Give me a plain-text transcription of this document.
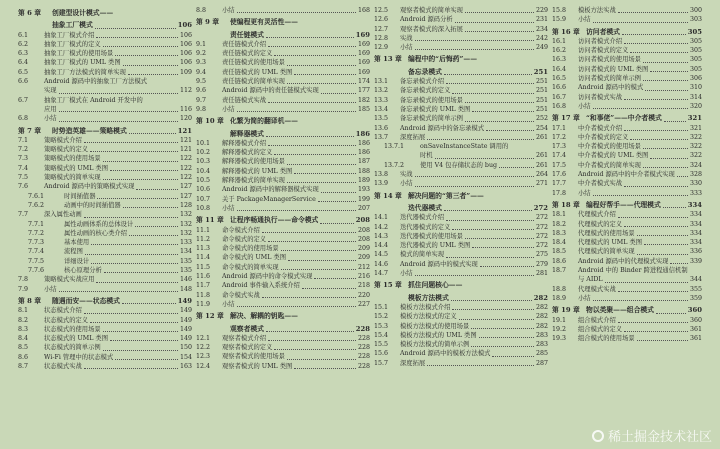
第 6 章	创建型设计模式——
抽象工厂模式	106
6.1	抽象工厂模式介绍	106
6.2	抽象工厂模式的定义	106
6.3	抽象工厂模式的使用场景	106
6.4	抽象工厂模式的 UML 类图	106
6.5	抽象工厂方法模式的简单实现	109
6.6	Android 源码中的抽象工厂方法模式
实现	112
6.7	抽象工厂模式在 Android 开发中的
应用	116
6.8	小结	120
第 7 章	时势造英雄——策略模式	121
7.1	策略模式介绍	121
7.2	策略模式的定义	121
7.3	策略模式的使用场景	122
7.4	策略模式的 UML 类图	122
7.5	策略模式的简单实现	122
7.6	Android 源码中的策略模式实现	127
7.6.1	时间插值器	127
7.6.2	动画中的时间插值器	128
7.7	深入属性动画	132
7.7.1	属性动画体系的总体设计	132
7.7.2	属性动画的核心类介绍	132
7.7.3	基本使用	133
7.7.4	流程图	134
7.7.5	详细设计	135
7.7.6	核心原理分析	135
7.8	策略模式实战应用	146
7.9	小结	148
第 8 章	随遇而安——状态模式	149
8.1	状态模式介绍	149
8.2	状态模式的定义	149
8.3	状态模式的使用场景	149
8.4	状态模式的 UML 类图	149
8.5	状态模式的简单示例	150
8.6	Wi-Fi 管理中的状态模式	154
8.7	状态模式实战	163
8.8	小结	168
第 9 章	使编程更有灵活性——
责任链模式	169
9.1	责任链模式介绍	169
9.2	责任链模式的定义	169
9.3	责任链模式的使用场景	169
9.4	责任链模式的 UML 类图	169
9.5	责任链模式的简单实现	174
9.6	Android 源码中的责任链模式实现	177
9.7	责任链模式实战	182
9.8	小结	185
第 10 章 化繁为简的翻译机——
解释器模式	186
10.1	解释器模式介绍	186
10.2	解释器模式的定义	186
10.3	解释器模式的使用场景	187
10.4	解释器模式的 UML 类图	188
10.5	解释器模式的简单实现	189
10.6	Android 源码中的解释器模式实现	193
10.7	关于 PackageManagerService	199
10.8	小结	207
第 11 章 让程序畅通执行——命令模式	208
11.1	命令模式介绍	208
11.2	命令模式的定义	208
11.3	命令模式的使用场景	209
11.4	命令模式的 UML 类图	209
11.5	命令模式的简单实现	212
11.6	Android 源码中的命令模式实现	216
11.7	Android 事件输入系统介绍	218
11.8	命令模式实战	220
11.9	小结	227
第 12 章 解决、解耦的钥匙——
观察者模式	228
12.1	观察者模式介绍	228
12.2	观察者模式的定义	228
12.3	观察者模式的使用场景	228
12.4	观察者模式的 UML 类图	228
12.5	观察者模式的简单实现	229
12.6	Android 源码分析	231
12.7	观察者模式的深入拓展	234
12.8	实战	242
12.9	小结	249
第 13 章 编程中的“后悔药”——
备忘录模式	251
13.1	备忘录模式介绍	251
13.2	备忘录模式的定义	251
13.3	备忘录模式的使用场景	251
13.4	备忘录模式的 UML 类图	251
13.5	备忘录模式的简单示例	252
13.6	Android 源码中的备忘录模式	254
13.7	深度拓展	261
13.7.1	onSaveInstanceState 调用的
时机	261
13.7.2	使用 V4 包存储状态的 bug	261
13.8	实战	264
13.9	小结	271
第 14 章 解决问题的“第三者”——
迭代器模式	272
14.1	迭代器模式介绍	272
14.2	迭代器模式的定义	272
14.3	迭代器模式的使用场景	272
14.4	迭代器模式的 UML 类图	272
14.5	模式的简单实现	275
14.6	Android 源码中的模式实现	279
14.7	小结	281
第 15 章 抓住问题核心——
模板方法模式	282
15.1	模板方法模式介绍	282
15.2	模板方法模式的定义	282
15.3	模板方法模式的使用场景	282
15.4	模板方法模式的 UML 类图	283
15.5	模板方法模式的简单示例	283
15.6	Android 源码中的模板方法模式	285
15.7	深度拓展	287
15.8	模板方法实战	300
15.9	小结	303
第 16 章 访问者模式	305
16.1	访问者模式介绍	305
16.2	访问者模式的定义	305
16.3	访问者模式的使用场景	305
16.4	访问者模式的 UML 类图	305
16.5	访问者模式的简单示例	306
16.6	Android 源码中的模式	310
16.7	访问者模式实战	314
16.8	小结	320
第 17 章 “和事佬”——中介者模式	321
17.1	中介者模式介绍	321
17.2	中介者模式的定义	322
17.3	中介者模式的使用场景	322
17.4	中介者模式的 UML 类图	322
17.5	中介者模式的简单实现	324
17.6	Android 源码中的中介者模式实现 328
17.7	中介者模式实战	330
17.8	小结	333
第 18 章 编程好帮手——代理模式	334
18.1	代理模式介绍	334
18.2	代理模式的定义	334
18.3	代理模式的使用场景	334
18.4	代理模式的 UML 类图	334
18.5	代理模式的简单实现	336
18.6	Android 源码中的代理模式实现	339
18.7	Android 中的 Binder 跨进程通信机制
与 AIDL	344
18.8	代理模式实战	355
18.9	小结	359
第 19 章 物以类聚——组合模式	360
19.1	组合模式介绍	360
19.2	组合模式的定义	361
19.3	组合模式的使用场景	361
稀土掘金技术社区
